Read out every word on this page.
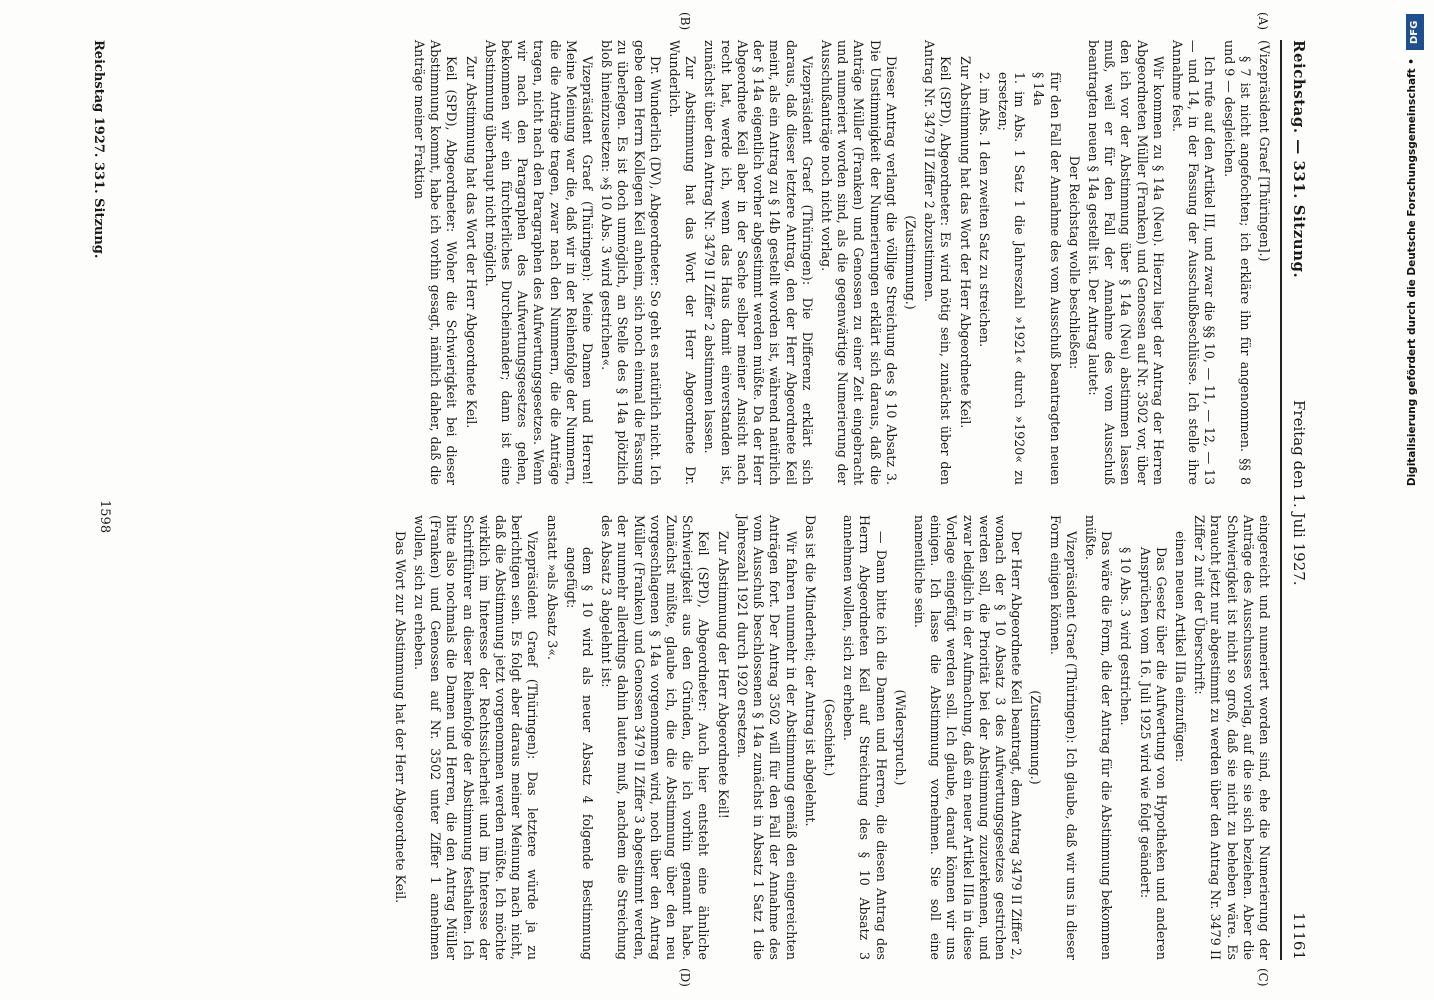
Reichstag. — 331. Sitzung.
Freitag den 1. Juli 1927.
11161
(A)
(B)
(C)
(D)

(Vizepräsident Graef [Thüringen].)

§ 7 ist nicht angefochten; ich erkläre ihn für angenommen. §§ 8 und 9 — desgleichen.

Ich rufe auf den Artikel III, und zwar die §§ 10, — 11, — 12, — 13 — und 14, in der Fassung der Ausschußbeschlüsse. Ich stelle ihre Annahme fest.

Wir kommen zu § 14a (Neu). Hierzu liegt der Antrag der Herren Abgeordneten Müller (Franken) und Genossen auf Nr. 3502 vor, über den ich vor der Abstimmung über § 14a (Neu) abstimmen lassen muß, weil er für den Fall der Annahme des vom Ausschuß beantragten neuen § 14a gestellt ist. Der Antrag lautet:

Der Reichstag wolle beschließen:

für den Fall der Annahme des vom Ausschuß beantragten neuen § 14a

1. im Abs. 1 Satz 1 die Jahreszahl »1921« durch »1920« zu ersetzen;

2. im Abs. 1 den zweiten Satz zu streichen.

Zur Abstimmung hat das Wort der Herr Abgeordnete Keil.

Keil (SPD), Abgeordneter: Es wird nötig sein, zunächst über den Antrag Nr. 3479 II Ziffer 2 abzustimmen.

(Zustimmung.)

Dieser Antrag verlangt die völlige Streichung des § 10 Absatz 3. Die Unstimmigkeit der Numerierungen erklärt sich daraus, daß die Anträge Müller (Franken) und Genossen zu einer Zeit eingebracht und numeriert worden sind, als die gegenwärtige Numerierung der Ausschußanträge noch nicht vorlag.

Vizepräsident Graef (Thüringen): Die Differenz erklärt sich daraus, daß dieser letztere Antrag, den der Herr Abgeordnete Keil meint, als ein Antrag zu § 14b gestellt worden ist, während natürlich der § 14a eigentlich vorher abgestimmt werden müßte. Da der Herr Abgeordnete Keil aber in der Sache selber meiner Ansicht nach recht hat, werde ich, wenn das Haus damit einverstanden ist, zunächst über den Antrag Nr. 3479 II Ziffer 2 abstimmen lassen.

Zur Abstimmung hat das Wort der Herr Abgeordnete Dr. Wunderlich.

Dr. Wunderlich (DV), Abgeordneter: So geht es natürlich nicht. Ich gebe dem Herrn Kollegen Keil anheim, sich noch einmal die Fassung zu überlegen. Es ist doch unmöglich, an Stelle des § 14a plötzlich bloß hineinzusetzen: »§ 10 Abs. 3 wird gestrichen«.

Vizepräsident Graef (Thüringen): Meine Damen und Herren! Meine Meinung war die, daß wir in der Reihenfolge der Nummern, die die Anträge tragen, zwar nach den Nummern, die die Anträge tragen, nicht nach den Paragraphen des Aufwertungsgesetzes. Wenn wir nach den Paragraphen des Aufwertungsgesetzes gehen, bekommen wir ein fürchterliches Durcheinander; dann ist eine Abstimmung überhaupt nicht möglich.

Zur Abstimmung hat das Wort der Herr Abgeordnete Keil.

Keil (SPD), Abgeordneter: Woher die Schwierigkeit bei dieser Abstimmung kommt, habe ich vorhin gesagt, nämlich daher, daß die Anträge meiner Fraktion

eingereicht und numeriert worden sind, ehe die Numerierung der Anträge des Ausschusses vorlag, auf die sie sich beziehen. Aber die Schwierigkeit ist nicht so groß, daß sie nicht zu beheben wäre. Es braucht jetzt nur abgestimmt zu werden über den Antrag Nr. 3479 II Ziffer 2 mit der Überschrift:

einen neuen Artikel IIIa einzufügen:

Das Gesetz über die Aufwertung von Hypotheken und anderen Ansprüchen vom 16. Juli 1925 wird wie folgt geändert:

§ 10 Abs. 3 wird gestrichen.

Das wäre die Form, die der Antrag für die Abstimmung bekommen müßte.

Vizepräsident Graef (Thüringen): Ich glaube, daß wir uns in dieser Form einigen können.

(Zustimmung.)

Der Herr Abgeordnete Keil beantragt, dem Antrag 3479 II Ziffer 2, wonach der § 10 Absatz 3 des Aufwertungsgesetzes gestrichen werden soll, die Priorität bei der Abstimmung zuzuerkennen, und zwar lediglich in der Aufmachung, daß ein neuer Artikel IIIa in diese Vorlage eingefügt werden soll. Ich glaube, darauf können wir uns einigen. Ich lasse die Abstimmung vornehmen. Sie soll eine namentliche sein.

(Widerspruch.)

— Dann bitte ich die Damen und Herren, die diesen Antrag des Herrn Abgeordneten Keil auf Streichung des § 10 Absatz 3 annehmen wollen, sich zu erheben.

(Geschieht.)

Das ist die Minderheit; der Antrag ist abgelehnt.

Wir fahren nunmehr in der Abstimmung gemäß den eingereichten Anträgen fort. Der Antrag 3502 will für den Fall der Annahme des vom Ausschuß beschlossenen § 14a zunächst in Absatz 1 Satz 1 die Jahreszahl 1921 durch 1920 ersetzen.

Zur Abstimmung der Herr Abgeordnete Keil!

Keil (SPD), Abgeordneter: Auch hier entsteht eine ähnliche Schwierigkeit aus den Gründen, die ich vorhin genannt habe. Zunächst müßte, glaube ich, die die Abstimmung über den neu vorgeschlagenen § 14a vorgenommen wird, noch über den Antrag Müller (Franken) und Genossen 3479 II Ziffer 3 abgestimmt werden, der nunmehr allerdings dahin lauten muß, nachdem die Streichung des Absatz 3 abgelehnt ist:

dem § 10 wird als neuer Absatz 4 folgende Bestimmung angefügt:

anstatt »als Absatz 3«.

Vizepräsident Graef (Thüringen): Das letztere würde ja zu berichtigen sein. Es folgt aber daraus meiner Meinung nach nicht, daß die Abstimmung jetzt vorgenommen werden müßte. Ich möchte wirklich im Interesse der Rechtssicherheit und im Interesse der Schriftführer an dieser Reihenfolge der Abstimmung festhalten. Ich bitte also nochmals die Damen und Herren, die den Antrag Müller (Franken) und Genossen auf Nr. 3502 unter Ziffer 1 annehmen wollen, sich zu erheben.

Das Wort zur Abstimmung hat der Herr Abgeordnete Keil.

Reichstag 1927. 331. Sitzung.
1598
DFG
Digitalisierung gefördert durch die Deutsche Forschungsgemeinschaft •
